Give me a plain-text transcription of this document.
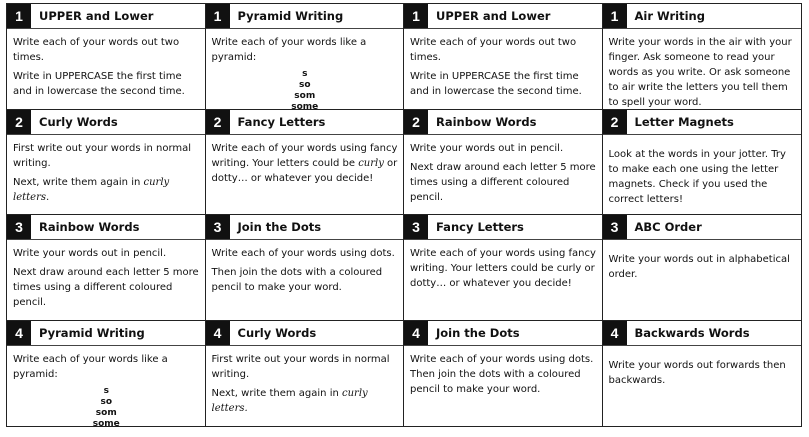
1	UPPER and Lower

Write each of your words out two times.

Write in UPPERCASE the first time and in lowercase the second time.

1	Pyramid Writing

Write each of your words like a pyramid:

s
so
som
some
1	UPPER and Lower

Write each of your words out two times.

Write in UPPERCASE the first time and in lowercase the second time.

1	Air Writing

Write your words in the air with your finger. Ask someone to read your words as you write. Or ask someone to air write the letters you tell them to spell your word.

2	Curly Words

First write out your words in normal writing.

Next, write them again in curly letters.

2	Fancy Letters

Write each of your words using fancy writing. Your letters could be curly or dotty… or whatever you decide!

2	Rainbow Words

Write your words out in pencil.

Next draw around each letter 5 more times using a different coloured pencil.

2	Letter Magnets

Look at the words in your jotter. Try to make each one using the letter magnets. Check if you used the correct letters!

3	Rainbow Words

Write your words out in pencil.

Next draw around each letter 5 more times using a different coloured pencil.

3	Join the Dots

Write each of your words using dots.

Then join the dots with a coloured pencil to make your word.

3	Fancy Letters

Write each of your words using fancy writing. Your letters could be curly or dotty… or whatever you decide!

3	ABC Order

Write your words out in alphabetical order.

4	Pyramid Writing

Write each of your words like a pyramid:

s
so
som
some
4	Curly Words

First write out your words in normal writing.

Next, write them again in curly letters.

4	Join the Dots

Write each of your words using dots. Then join the dots with a coloured pencil to make your word.

4	Backwards Words

Write your words out forwards then backwards.
